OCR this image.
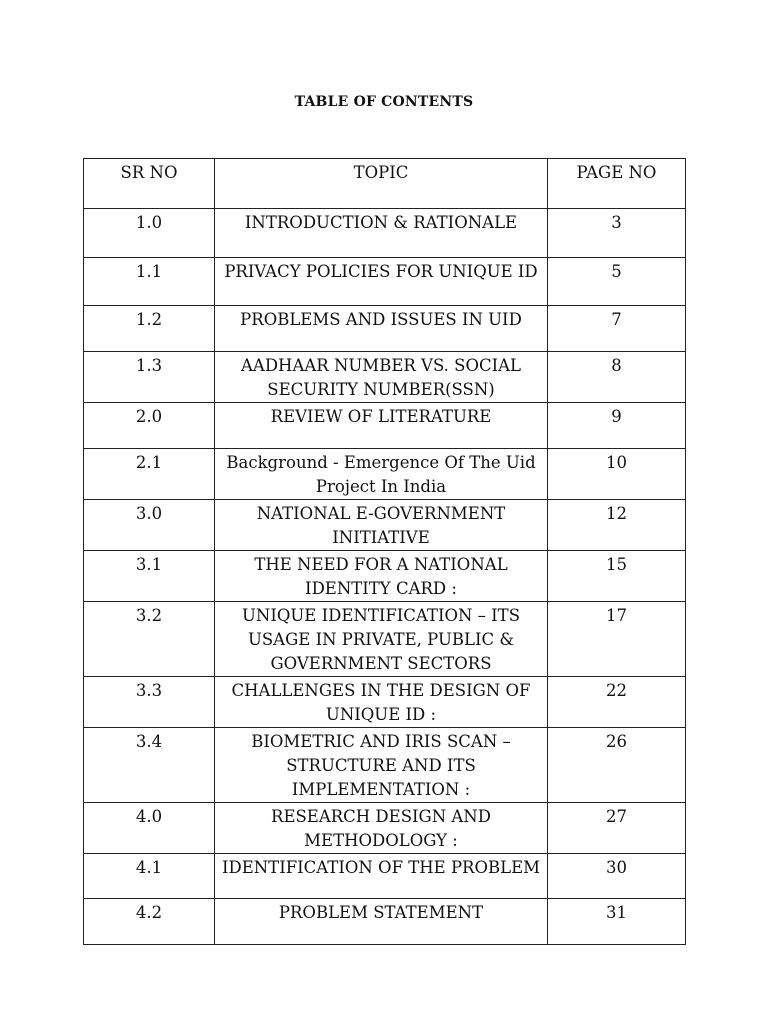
TABLE OF CONTENTS
SR NO	TOPIC	PAGE NO
1.0	INTRODUCTION & RATIONALE	3
1.1	PRIVACY POLICIES FOR UNIQUE ID	5
1.2	PROBLEMS AND ISSUES IN UID	7
1.3	AADHAAR NUMBER VS. SOCIAL SECURITY NUMBER(SSN)	8
2.0	REVIEW OF LITERATURE	9
2.1	Background - Emergence Of The Uid Project In India	10
3.0	NATIONAL E-GOVERNMENT INITIATIVE	12
3.1	THE NEED FOR A NATIONAL IDENTITY CARD :	15
3.2	UNIQUE IDENTIFICATION – ITS USAGE IN PRIVATE, PUBLIC & GOVERNMENT SECTORS	17
3.3	CHALLENGES IN THE DESIGN OF UNIQUE ID :	22
3.4	BIOMETRIC AND IRIS SCAN – STRUCTURE AND ITS IMPLEMENTATION :	26
4.0	RESEARCH DESIGN AND METHODOLOGY :	27
4.1	IDENTIFICATION OF THE PROBLEM	30
4.2	PROBLEM STATEMENT	31
